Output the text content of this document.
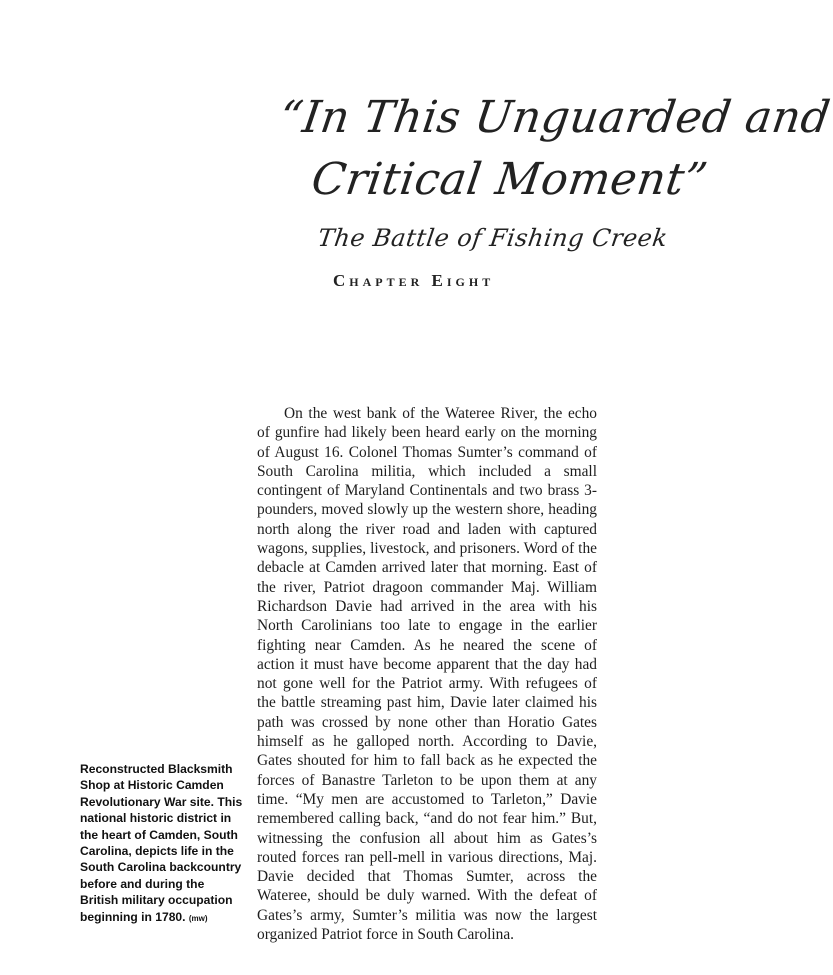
“In This Unguarded and
Critical Moment”
The Battle of Fishing Creek
Chapter Eight

On the west bank of the Wateree River, the echo of gunfire had likely been heard early on the morning of August 16. Colonel Thomas Sumter’s command of South Carolina militia, which included a small contingent of Maryland Continentals and two brass 3-pounders, moved slowly up the western shore, heading north along the river road and laden with captured wagons, supplies, livestock, and prisoners. Word of the debacle at Camden arrived later that morning. East of the river, Patriot dragoon commander Maj. William Richardson Davie had arrived in the area with his North Carolinians too late to engage in the earlier fighting near Camden. As he neared the scene of action it must have become apparent that the day had not gone well for the Patriot army. With refugees of the battle streaming past him, Davie later claimed his path was crossed by none other than Horatio Gates himself as he galloped north. According to Davie, Gates shouted for him to fall back as he expected the forces of Banastre Tarleton to be upon them at any time. “My men are accustomed to Tarleton,” Davie remembered calling back, “and do not fear him.” But, witnessing the confusion all about him as Gates’s routed forces ran pell-mell in various directions, Maj. Davie decided that Thomas Sumter, across the Wateree, should be duly warned. With the defeat of Gates’s army, Sumter’s militia was now the largest organized Patriot force in South Carolina.

Reconstructed Blacksmith Shop at Historic Camden Revolutionary War site. This national historic district in the heart of Camden, South Carolina, depicts life in the South Carolina backcountry before and during the British military occupation beginning in 1780. (mw)
